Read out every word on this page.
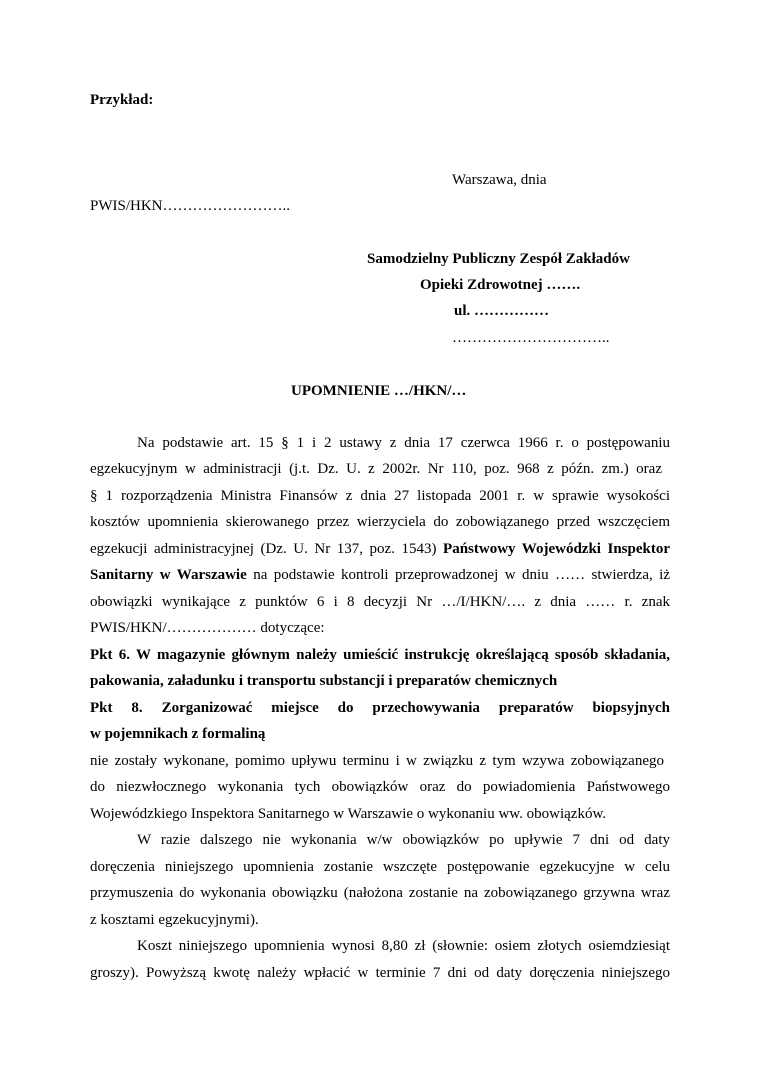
Przykład:
Warszawa, dnia
PWIS/HKN……………………..
Samodzielny Publiczny Zespół Zakładów
Opieki Zdrowotnej …….
ul. ……………
…………………………..
UPOMNIENIE …/HKN/…
Na podstawie art. 15 § 1 i 2 ustawy z dnia 17 czerwca 1966 r. o postępowaniu
egzekucyjnym w administracji (j.t. Dz. U. z 2002r. Nr 110, poz. 968 z późn. zm.) oraz
§ 1 rozporządzenia Ministra Finansów z dnia 27 listopada 2001 r. w sprawie wysokości
kosztów upomnienia skierowanego przez wierzyciela do zobowiązanego przed wszczęciem
egzekucji administracyjnej (Dz. U. Nr 137, poz. 1543) Państwowy Wojewódzki Inspektor
Sanitarny w Warszawie na podstawie kontroli przeprowadzonej w dniu …… stwierdza, iż
obowiązki wynikające z punktów 6 i 8 decyzji Nr …/I/HKN/…. z dnia …… r. znak
PWIS/HKN/……………… dotyczące:
Pkt 6. W magazynie głównym należy umieścić instrukcję określającą sposób składania,
pakowania, załadunku i transportu substancji i preparatów chemicznych
Pkt 8. Zorganizować miejsce do przechowywania preparatów biopsyjnych
w pojemnikach z formaliną
nie zostały wykonane, pomimo upływu terminu i w związku z tym wzywa zobowiązanego
do niezwłocznego wykonania tych obowiązków oraz do powiadomienia Państwowego
Wojewódzkiego Inspektora Sanitarnego w Warszawie o wykonaniu ww. obowiązków.
W razie dalszego nie wykonania w/w obowiązków po upływie 7 dni od daty
doręczenia niniejszego upomnienia zostanie wszczęte postępowanie egzekucyjne w celu
przymuszenia do wykonania obowiązku (nałożona zostanie na zobowiązanego grzywna wraz
z kosztami egzekucyjnymi).
Koszt niniejszego upomnienia wynosi 8,80 zł (słownie: osiem złotych osiemdziesiąt
groszy). Powyższą kwotę należy wpłacić w terminie 7 dni od daty doręczenia niniejszego
